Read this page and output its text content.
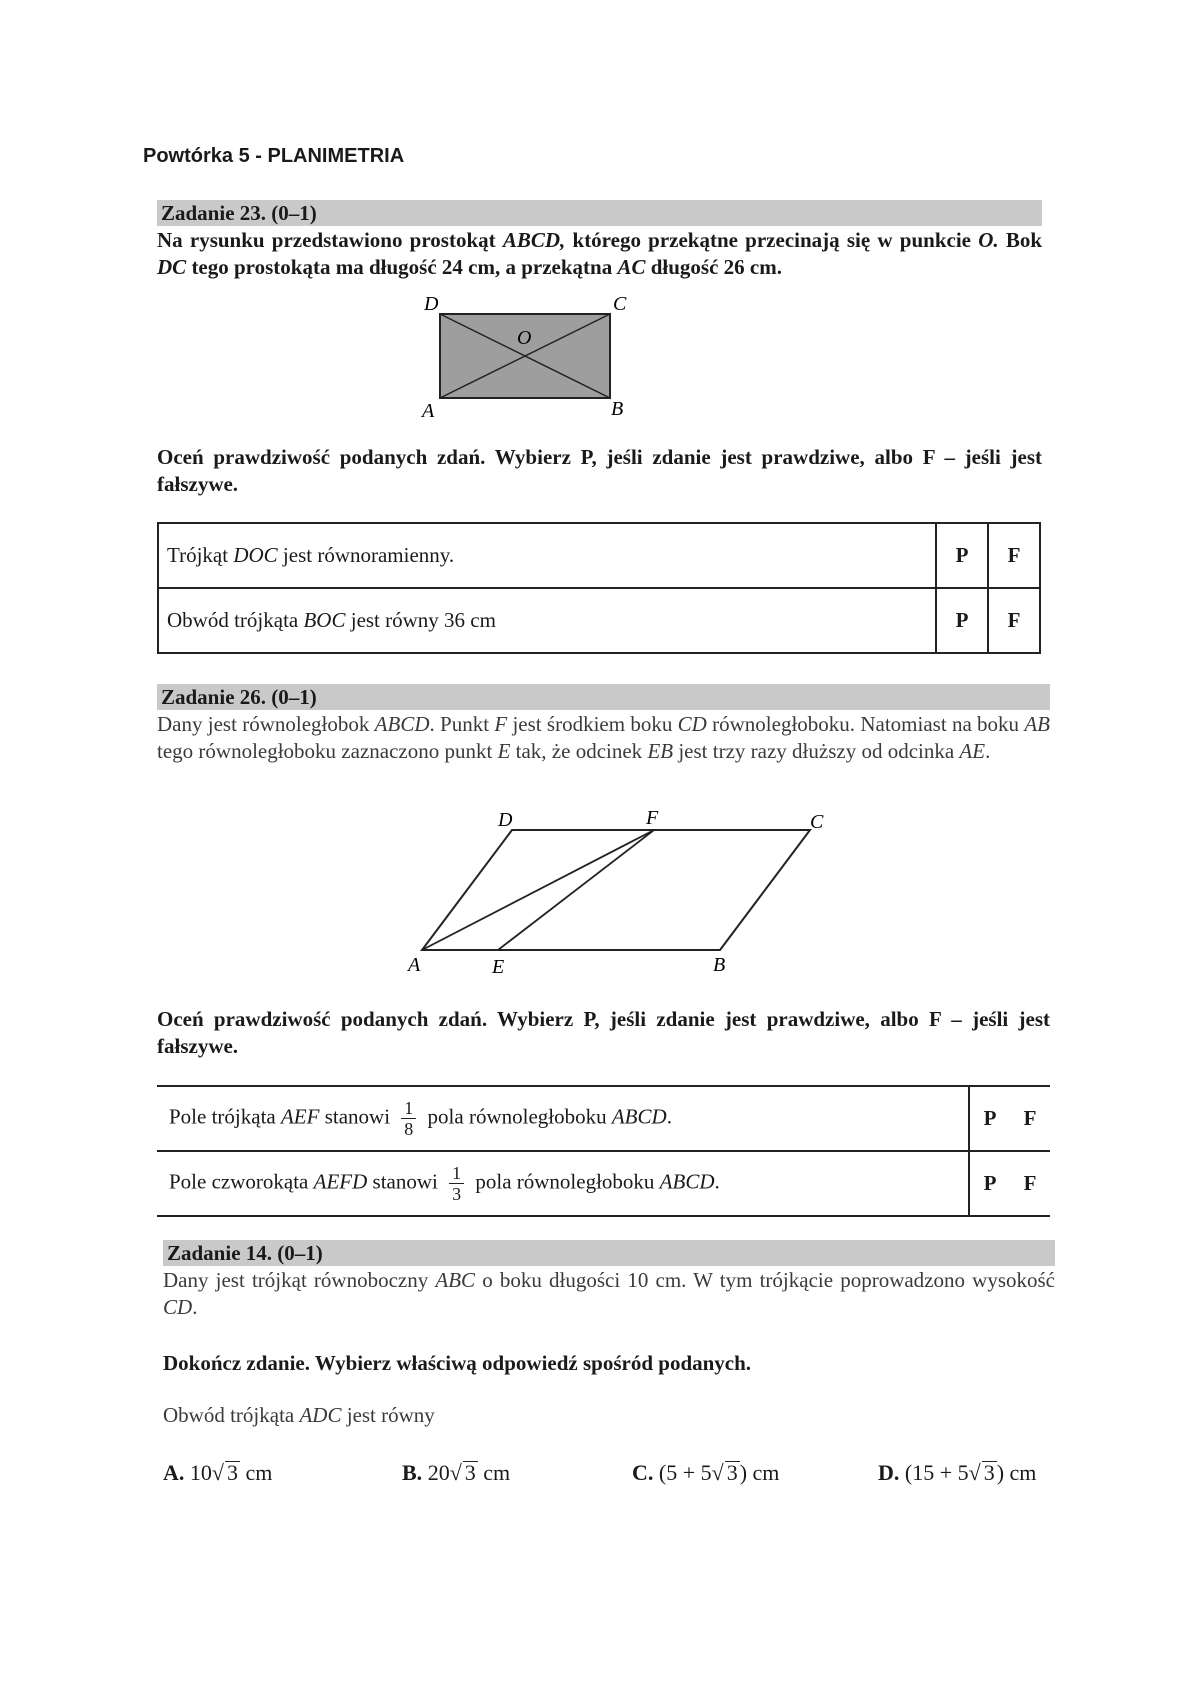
Powtórka 5 - PLANIMETRIA
Zadanie 23. (0–1)
Na rysunku przedstawiono prostokąt ABCD, którego przekątne przecinają się w punkcie O. Bok DC tego prostokąta ma długość 24 cm, a przekątna AC długość 26 cm.
D	C
O
A	B
Oceń prawdziwość podanych zdań. Wybierz P, jeśli zdanie jest prawdziwe, albo F – jeśli jest fałszywe.
Trójkąt DOC jest równoramienny.	P	F
Obwód trójkąta BOC jest równy 36 cm	P	F
Zadanie 26. (0–1)
Dany jest równoległobok ABCD. Punkt F jest środkiem boku CD równoległoboku. Natomiast na boku AB tego równoległoboku zaznaczono punkt E tak, że odcinek EB jest trzy razy dłuższy od odcinka AE.
D	F	C
A	E	B
Oceń prawdziwość podanych zdań. Wybierz P, jeśli zdanie jest prawdziwe, albo F – jeśli jest fałszywe.
Pole trójkąta AEF stanowi $\frac{1}{8}$ pola równoległoboku ABCD.	P	F
Pole czworokąta AEFD stanowi $\frac{1}{3}$ pola równoległoboku ABCD.	P	F
Zadanie 14. (0–1)
Dany jest trójkąt równoboczny ABC o boku długości 10 cm. W tym trójkącie poprowadzono wysokość CD.
Dokończ zdanie. Wybierz właściwą odpowiedź spośród podanych.
Obwód trójkąta ADC jest równy
A. 10√ 3 cm	B. 20√ 3 cm	C. (5 + 5√ 3) cm	D. (15 + 5√ 3) cm
